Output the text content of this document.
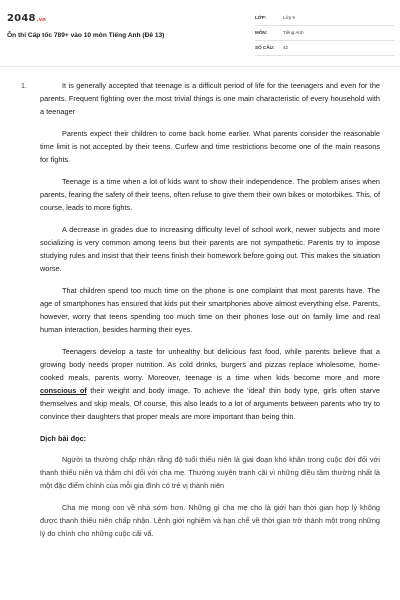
2048.vn
Ôn thi Cấp tốc 789+ vào 10 môn Tiếng Anh (Đề 13)
LỚP:	Lớp 9
MÔN:	Tiếng Anh
SỐ CÂU: 42
1.	It is generally accepted that teenage is a difficult period of life for the teenagers and even for the parents. Frequent fighting over the most trivial things is one main characteristic of every household with a teenager

Parents expect their children to come back home earlier. What parents consider the reasonable time limit is not accepted by their teens. Curfew and time restrictions become one of the main reasons for fights.

Teenage is a time when a lot of kids want to show their independence. The problem arises when parents, fearing the safety of their teens, often refuse to give them their own bikes or motorbikes. This, of course, leads to more fights.

A decrease in grades due to increasing difficulty level of school work, newer subjects and more socializing is very common among teens but their parents are not sympathetic. Parents try to impose studying rules and insist that their teens finish their homework before going out. This makes the situation worse.

That children spend too much time on the phone is one complaint that most parents have. The age of smartphones has ensured that kids put their smartphones above almost everything else. Parents, however, worry that teens spending too much time on their phones lose out on family lime and real human interaction, besides harming their eyes.

Teenagers develop a taste for unhealthy but delicious fast food, while parents believe that a growing body needs proper nutrition. As cold drinks, burgers and pizzas replace wholesome, home-cooked meals, parents worry. Moreover, teenage is a time when kids become more and more conscious of their weight and body image. To achieve the 'ideal' thin body type, girls often starve themselves and skip meals. Of course, this also leads to a lot of arguments between parents who try to convince their daughters that proper meals are more important than being thin.

Dịch bài đọc:

Người ta thường chấp nhận rằng độ tuổi thiếu niên là giai đoạn khó khăn trong cuộc đời đối với thanh thiếu niên và thậm chí đối với cha mẹ. Thường xuyên tranh cãi vì những điều tầm thường nhất là một đặc điểm chính của mỗi gia đình có trẻ vị thành niên

Cha mẹ mong con về nhà sớm hơn. Những gì cha mẹ cho là giới hạn thời gian hợp lý không được thanh thiếu niên chấp nhận. Lệnh giới nghiêm và hạn chế về thời gian trở thành một trong những lý do chính cho những cuộc cãi vã.
